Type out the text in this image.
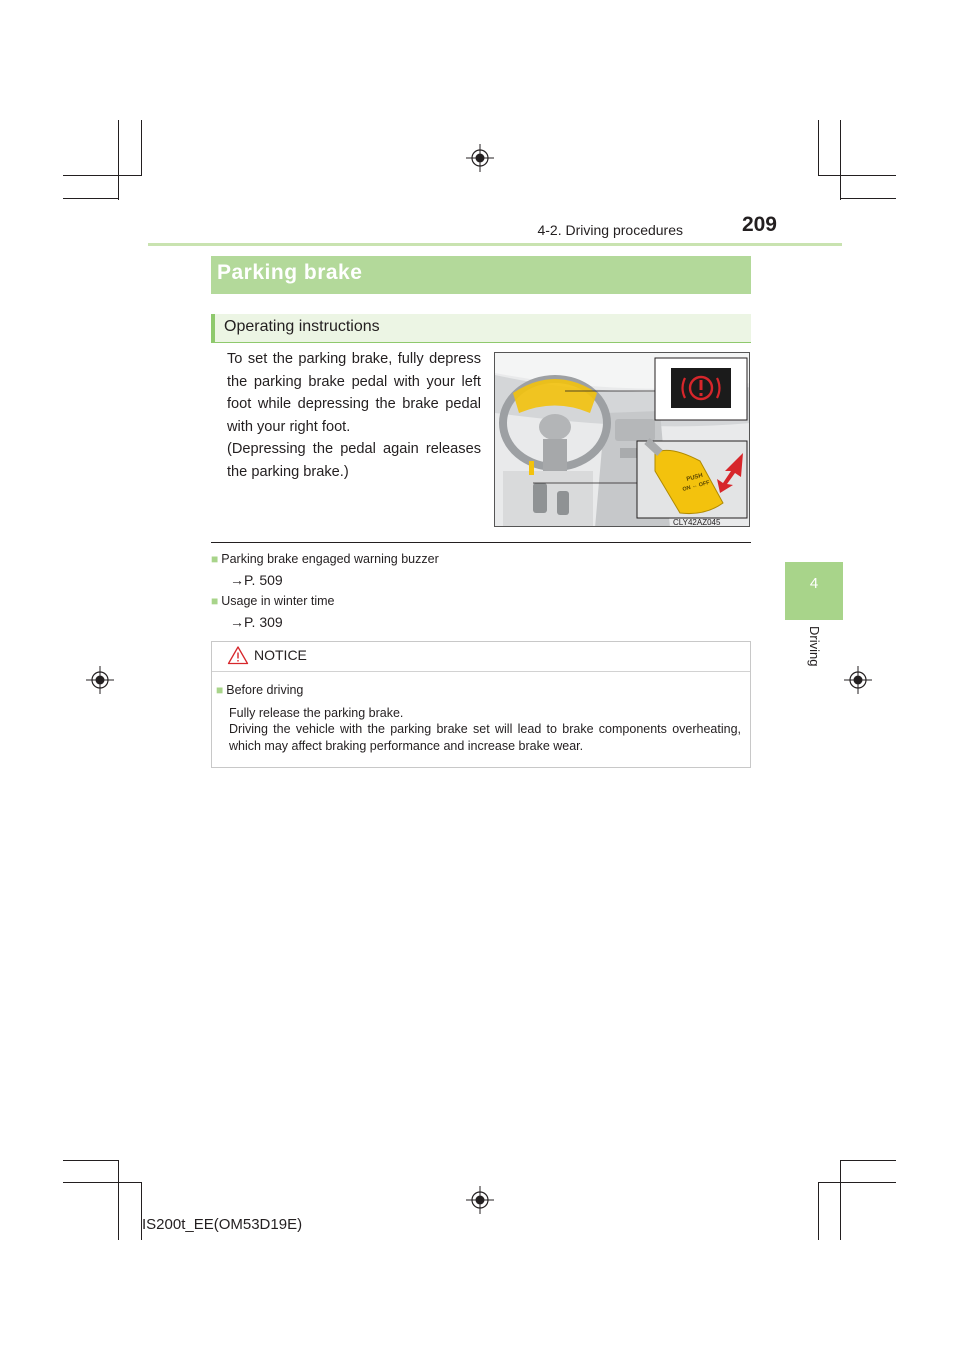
4-2. Driving procedures	209
4
Driving
Parking brake
Operating instructions

To set the parking brake, fully depress the parking brake pedal with your left foot while depressing the brake pedal with your right foot.

(Depressing the pedal again releases the parking brake.)	PUSH
ON ⇔ OFF
CLY42AZ045
■ Parking brake engaged warning buzzer
→P. 509
■ Usage in winter time
→P. 309
NOTICE
■ Before driving
Fully release the parking brake.
Driving the vehicle with the parking brake set will lead to brake components overheating, which may affect braking performance and increase brake wear.
IS200t_EE(OM53D19E)
